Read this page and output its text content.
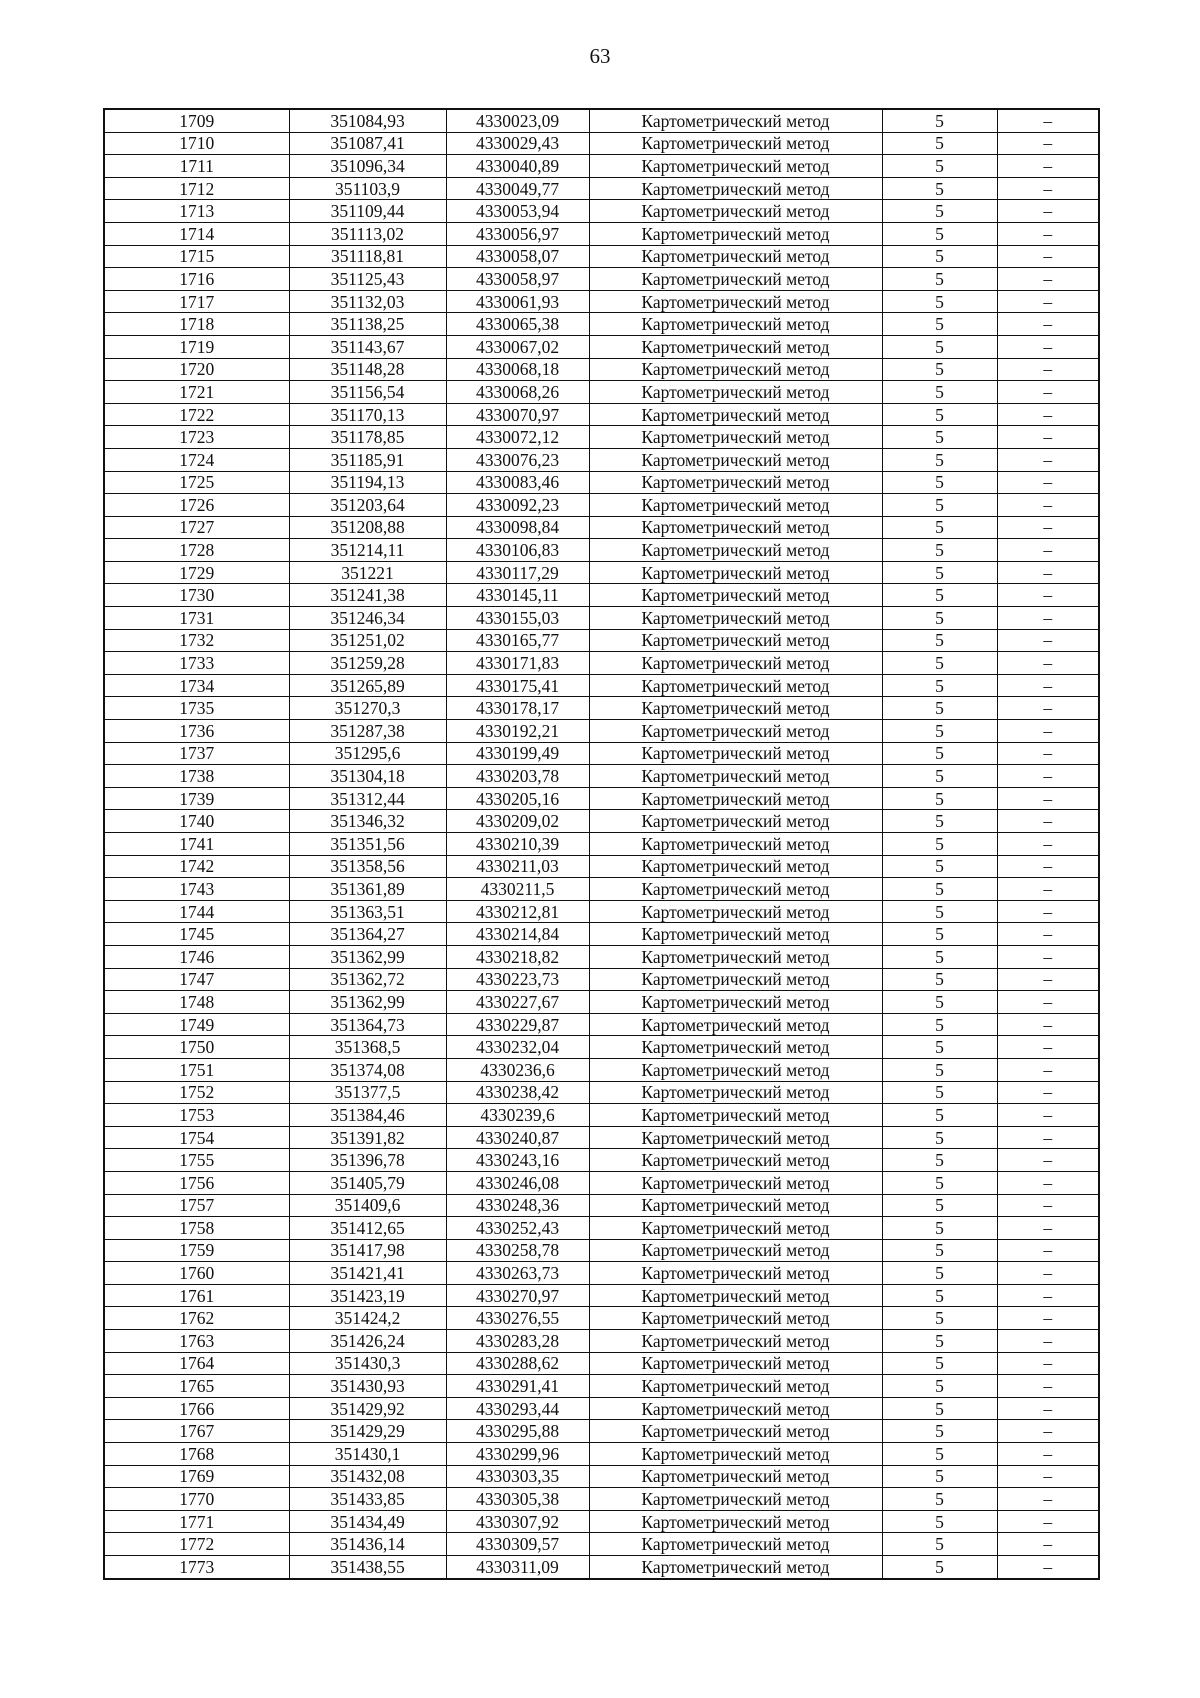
63
1709	351084,93	4330023,09	Картометрический метод	5	–
1710	351087,41	4330029,43	Картометрический метод	5	–
1711	351096,34	4330040,89	Картометрический метод	5	–
1712	351103,9	4330049,77	Картометрический метод	5	–
1713	351109,44	4330053,94	Картометрический метод	5	–
1714	351113,02	4330056,97	Картометрический метод	5	–
1715	351118,81	4330058,07	Картометрический метод	5	–
1716	351125,43	4330058,97	Картометрический метод	5	–
1717	351132,03	4330061,93	Картометрический метод	5	–
1718	351138,25	4330065,38	Картометрический метод	5	–
1719	351143,67	4330067,02	Картометрический метод	5	–
1720	351148,28	4330068,18	Картометрический метод	5	–
1721	351156,54	4330068,26	Картометрический метод	5	–
1722	351170,13	4330070,97	Картометрический метод	5	–
1723	351178,85	4330072,12	Картометрический метод	5	–
1724	351185,91	4330076,23	Картометрический метод	5	–
1725	351194,13	4330083,46	Картометрический метод	5	–
1726	351203,64	4330092,23	Картометрический метод	5	–
1727	351208,88	4330098,84	Картометрический метод	5	–
1728	351214,11	4330106,83	Картометрический метод	5	–
1729	351221	4330117,29	Картометрический метод	5	–
1730	351241,38	4330145,11	Картометрический метод	5	–
1731	351246,34	4330155,03	Картометрический метод	5	–
1732	351251,02	4330165,77	Картометрический метод	5	–
1733	351259,28	4330171,83	Картометрический метод	5	–
1734	351265,89	4330175,41	Картометрический метод	5	–
1735	351270,3	4330178,17	Картометрический метод	5	–
1736	351287,38	4330192,21	Картометрический метод	5	–
1737	351295,6	4330199,49	Картометрический метод	5	–
1738	351304,18	4330203,78	Картометрический метод	5	–
1739	351312,44	4330205,16	Картометрический метод	5	–
1740	351346,32	4330209,02	Картометрический метод	5	–
1741	351351,56	4330210,39	Картометрический метод	5	–
1742	351358,56	4330211,03	Картометрический метод	5	–
1743	351361,89	4330211,5	Картометрический метод	5	–
1744	351363,51	4330212,81	Картометрический метод	5	–
1745	351364,27	4330214,84	Картометрический метод	5	–
1746	351362,99	4330218,82	Картометрический метод	5	–
1747	351362,72	4330223,73	Картометрический метод	5	–
1748	351362,99	4330227,67	Картометрический метод	5	–
1749	351364,73	4330229,87	Картометрический метод	5	–
1750	351368,5	4330232,04	Картометрический метод	5	–
1751	351374,08	4330236,6	Картометрический метод	5	–
1752	351377,5	4330238,42	Картометрический метод	5	–
1753	351384,46	4330239,6	Картометрический метод	5	–
1754	351391,82	4330240,87	Картометрический метод	5	–
1755	351396,78	4330243,16	Картометрический метод	5	–
1756	351405,79	4330246,08	Картометрический метод	5	–
1757	351409,6	4330248,36	Картометрический метод	5	–
1758	351412,65	4330252,43	Картометрический метод	5	–
1759	351417,98	4330258,78	Картометрический метод	5	–
1760	351421,41	4330263,73	Картометрический метод	5	–
1761	351423,19	4330270,97	Картометрический метод	5	–
1762	351424,2	4330276,55	Картометрический метод	5	–
1763	351426,24	4330283,28	Картометрический метод	5	–
1764	351430,3	4330288,62	Картометрический метод	5	–
1765	351430,93	4330291,41	Картометрический метод	5	–
1766	351429,92	4330293,44	Картометрический метод	5	–
1767	351429,29	4330295,88	Картометрический метод	5	–
1768	351430,1	4330299,96	Картометрический метод	5	–
1769	351432,08	4330303,35	Картометрический метод	5	–
1770	351433,85	4330305,38	Картометрический метод	5	–
1771	351434,49	4330307,92	Картометрический метод	5	–
1772	351436,14	4330309,57	Картометрический метод	5	–
1773	351438,55	4330311,09	Картометрический метод	5	–
